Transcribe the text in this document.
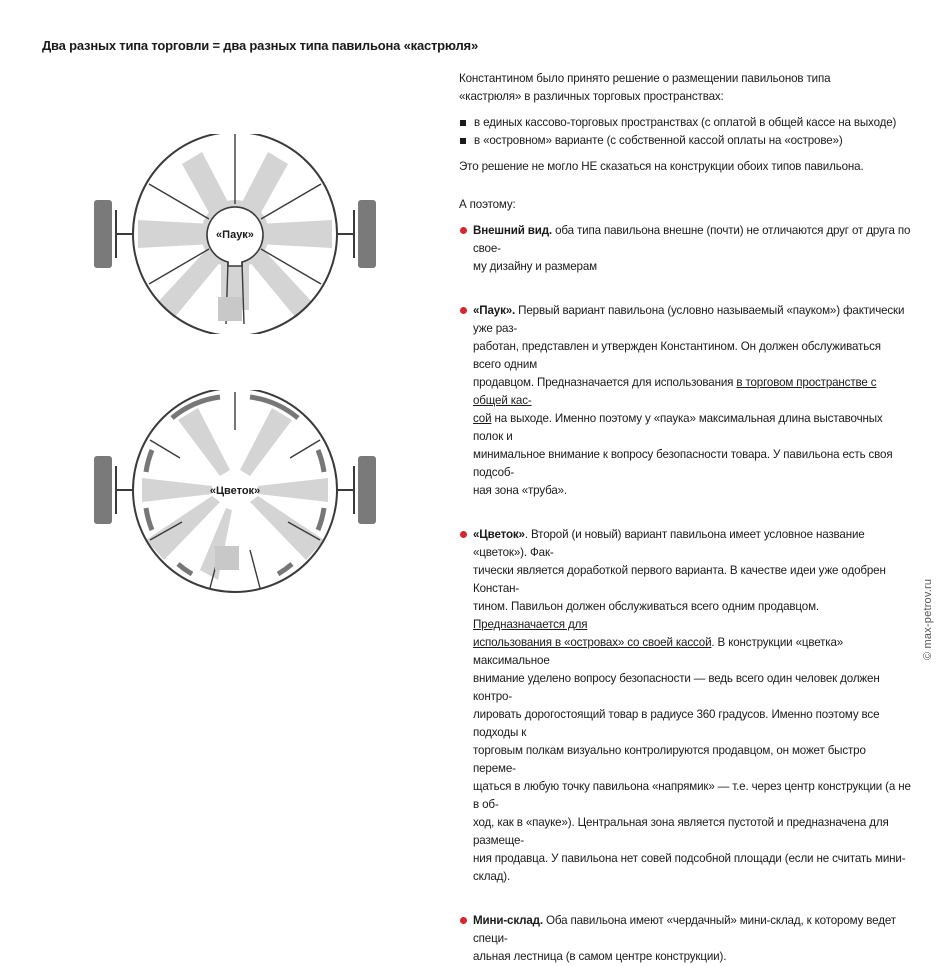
Два разных типа торговли = два разных типа павильона «кастрюля»
«Паук»
«Цветок»

Константином было принято решение о размещении павильонов типа

«кастрюля» в различных торговых пространствах:

в единых кассово-торговых пространствах (с оплатой в общей кассе на выходе)
в «островном» варианте (с собственной кассой оплаты на «острове»)

Это решение не могло НЕ сказаться на конструкции обоих типов павильона.

А поэтому:

Внешний вид. оба типа павильона внешне (почти) не отличаются друг от друга по свое-
му дизайну и размерам
«Паук». Первый вариант павильона (условно называемый «пауком») фактически уже раз-
работан, представлен и утвержден Константином. Он должен обслуживаться всего одним
продавцом. Предназначается для использования в торговом пространстве с общей кас-
сой на выходе. Именно поэтому у «паука» максимальная длина выставочных полок и
минимальное внимание к вопросу безопасности товара. У павильона есть своя подсоб-
ная зона «труба».
«Цветок». Второй (и новый) вариант павильона имеет условное название «цветок»). Фак-
тически является доработкой первого варианта. В качестве идеи уже одобрен Констан-
тином. Павильон должен обслуживаться всего одним продавцом. Предназначается для
использования в «островах» со своей кассой. В конструкции «цветка» максимальное
внимание уделено вопросу безопасности — ведь всего один человек должен контро-
лировать дорогостоящий товар в радиусе 360 градусов. Именно поэтому все подходы к
торговым полкам визуально контролируются продавцом, он может быстро переме-
щаться в любую точку павильона «напрямик» — т.е. через центр конструкции (а не в об-
ход, как в «пауке»). Центральная зона является пустотой и предназначена для размеще-
ния продавца. У павильона нет совей подсобной площади (если не считать мини-склад).
Мини-склад. Оба павильона имеют «чердачный» мини-склад, к которому ведет специ-
альная лестница (в самом центре конструкции).
© max-petrov.ru
